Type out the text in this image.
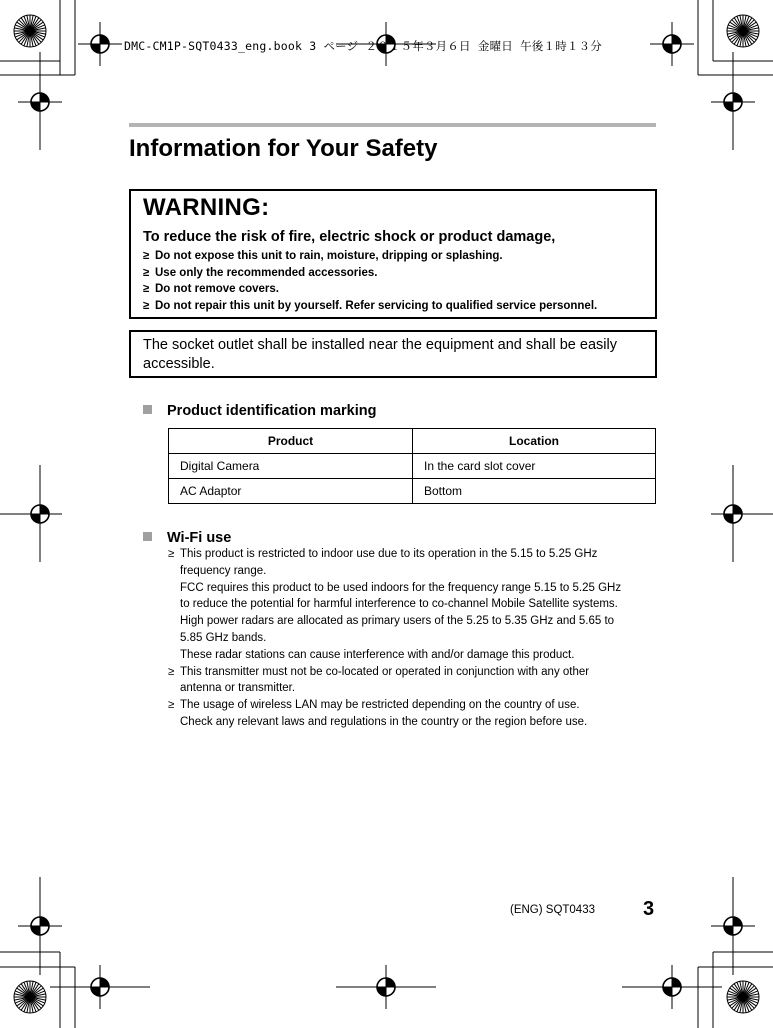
DMC-CM1P-SQT0433_eng.book 3 ページ ２０１５年３月６日 金曜日 午後１時１３分
Information for Your Safety
WARNING:
To reduce the risk of fire, electric shock or product damage,
≥ Do not expose this unit to rain, moisture, dripping or splashing.
≥ Use only the recommended accessories.
≥ Do not remove covers.
≥ Do not repair this unit by yourself. Refer servicing to qualified service personnel.
The socket outlet shall be installed near the equipment and shall be easily accessible.
Product identification marking
Product	Location
Digital Camera	In the card slot cover
AC Adaptor	Bottom
Wi-Fi use
≥ This product is restricted to indoor use due to its operation in the 5.15 to 5.25 GHz
frequency range.
FCC requires this product to be used indoors for the frequency range 5.15 to 5.25 GHz
to reduce the potential for harmful interference to co-channel Mobile Satellite systems.
High power radars are allocated as primary users of the 5.25 to 5.35 GHz and 5.65 to
5.85 GHz bands.
These radar stations can cause interference with and/or damage this product.
≥ This transmitter must not be co-located or operated in conjunction with any other
antenna or transmitter.
≥ The usage of wireless LAN may be restricted depending on the country of use.
Check any relevant laws and regulations in the country or the region before use.
(ENG) SQT0433 3
